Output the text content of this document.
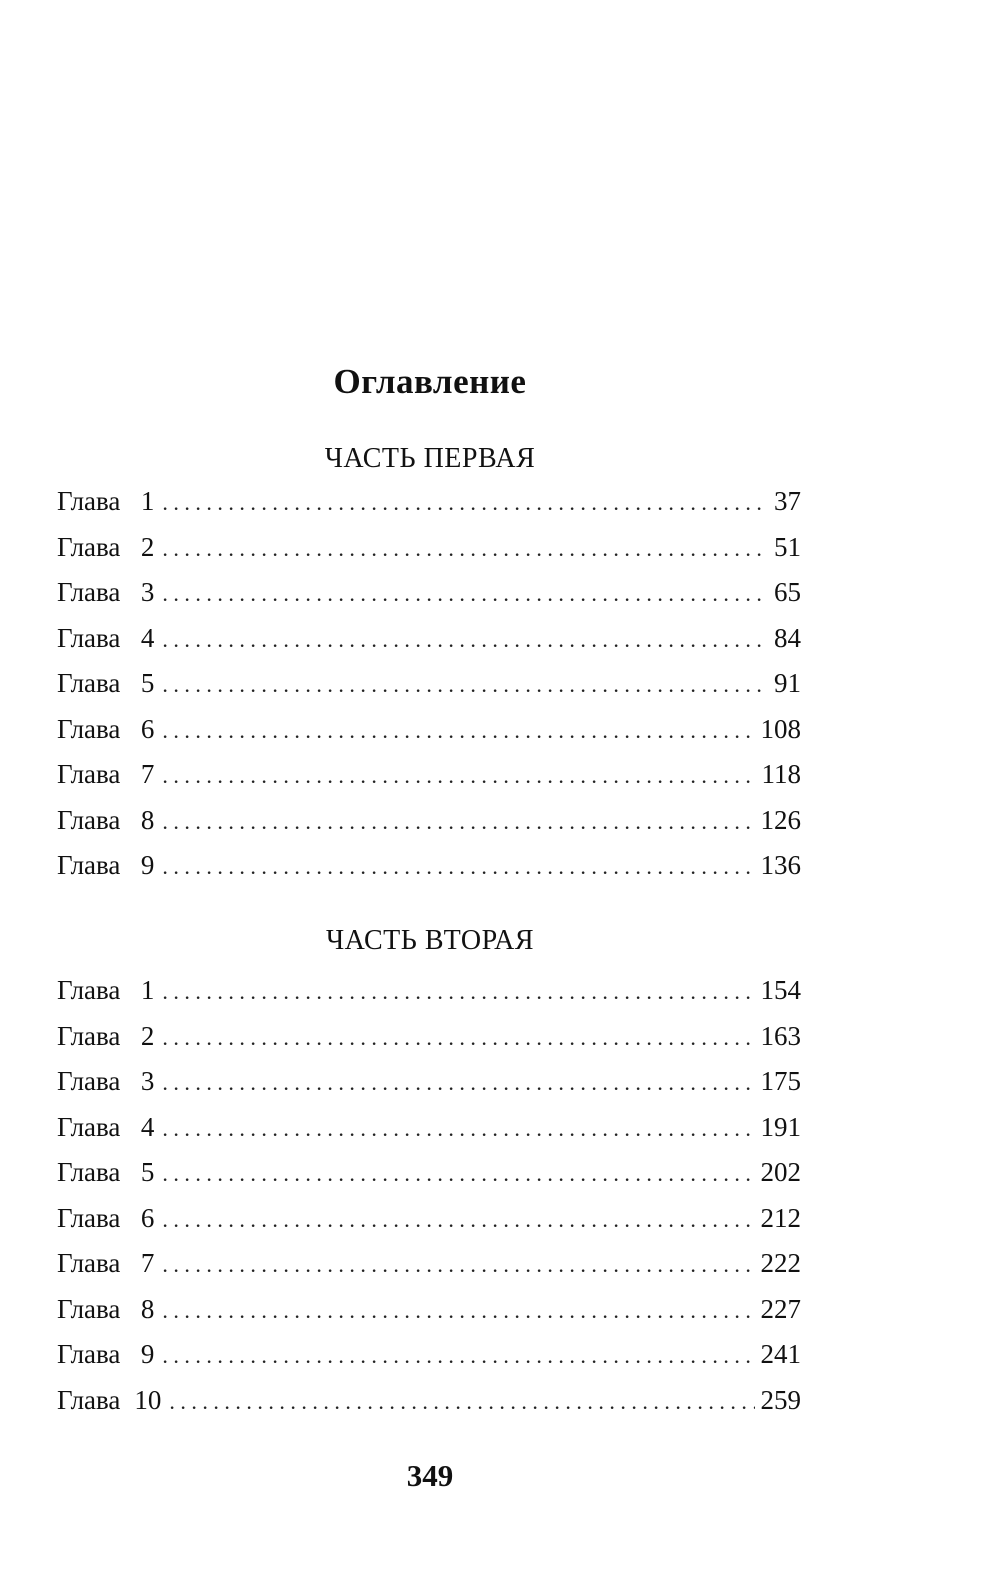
Оглавление
ЧАСТЬ ПЕРВАЯ
Глава 1 . . .	37
Глава 2 . . .	51
Глава 3 . . .	65
Глава 4 . . .	84
Глава 5 . . .	91
Глава 6 . . .	108
Глава 7 . . .	118
Глава 8 . . .	126
Глава 9 . . .	136
ЧАСТЬ ВТОРАЯ
Глава 1 . . .	154
Глава 2 . . .	163
Глава 3 . . .	175
Глава 4 . . .	191
Глава 5 . . .	202
Глава 6 . . .	212
Глава 7 . . .	222
Глава 8 . . .	227
Глава 9 . . .	241
Глава 10 . . .	259
349
